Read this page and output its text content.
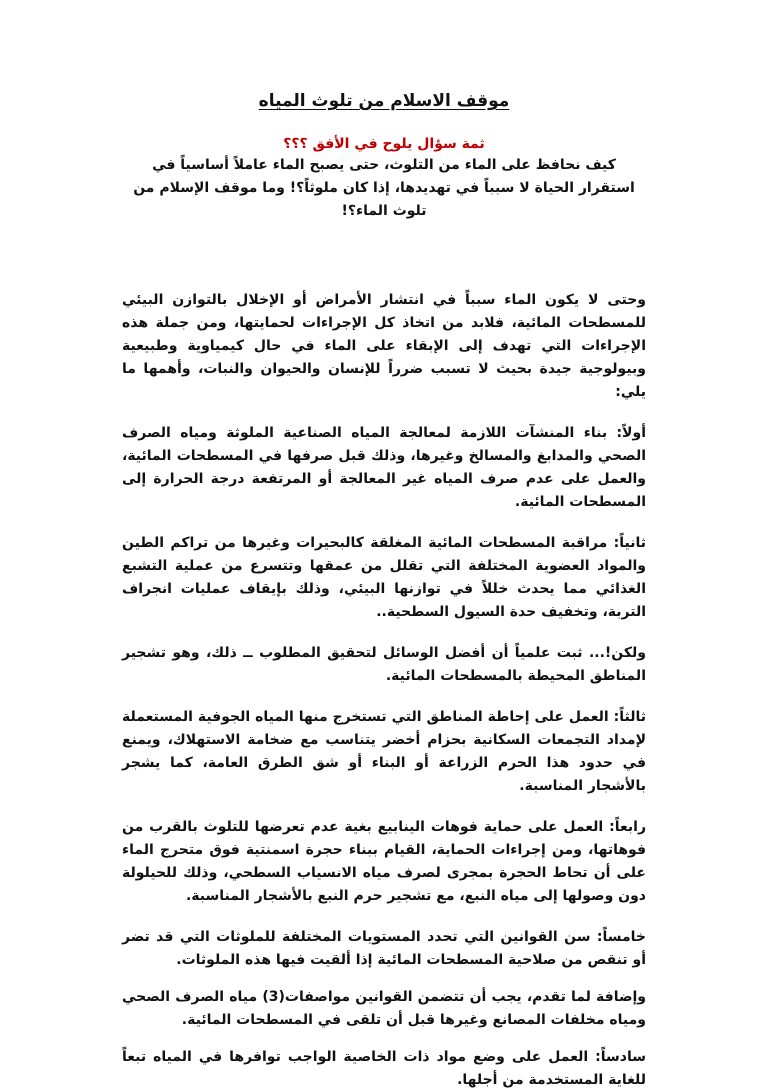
موقف الاسلام من تلوث المياه

ثمة سؤال يلوح في الأفق ؟؟؟

كيف نحافظ على الماء من التلوث، حتى يصبح الماء عاملاً أساسياً في استقرار الحياة لا سبباً في تهديدها، إذا كان ملوثاً؟! وما موقف الإسلام من تلوث الماء؟!

وحتى لا يكون الماء سبباً في انتشار الأمراض أو الإخلال بالتوازن البيئي للمسطحات المائية، فلابد من اتخاذ كل الإجراءات لحمايتها، ومن جملة هذه الإجراءات التي تهدف إلى الإبقاء على الماء في حال كيمياوية وطبيعية وبيولوجية جيدة بحيث لا تسبب ضرراً للإنسان والحيوان والنبات، وأهمها ما يلي:

أولاً: بناء المنشآت اللازمة لمعالجة المياه الصناعية الملوثة ومياه الصرف الصحي والمدابغ والمسالخ وغيرها، وذلك قبل صرفها في المسطحات المائية، والعمل على عدم صرف المياه غير المعالجة أو المرتفعة درجة الحرارة إلى المسطحات المائية.

ثانياً: مراقبة المسطحات المائية المغلقة كالبحيرات وغيرها من تراكم الطين والمواد العضوية المختلفة التي تقلل من عمقها وتتسرع من عملية التشبع الغذائي مما يحدث خللاً في توازنها البيئي، وذلك بإيقاف عمليات انجراف التربة، وتخفيف حدة السيول السطحية..

ولكن!... ثبت علمياً أن أفضل الوسائل لتحقيق المطلوب ــ ذلك، وهو تشجير المناطق المحيطة بالمسطحات المائية.

ثالثاً: العمل على إحاطة المناطق التي تستخرج منها المياه الجوفية المستعملة لإمداد التجمعات السكانية بحزام أخضر يتناسب مع ضخامة الاستهلاك، ويمنع في حدود هذا الحرم الزراعة أو البناء أو شق الطرق العامة، كما يشجر بالأشجار المناسبة.

رابعاً: العمل على حماية فوهات الينابيع بغية عدم تعرضها للتلوث بالقرب من فوهاتها، ومن إجراءات الحماية، القيام ببناء حجرة اسمنتية فوق متحرج الماء على أن تحاط الحجرة بمجرى لصرف مياه الانسياب السطحي، وذلك للحيلولة دون وصولها إلى مياه النبع، مع تشجير حرم النبع بالأشجار المناسبة.

خامساً: سن القوانين التي تحدد المستويات المختلفة للملوثات التي قد تضر أو تنقص من صلاحية المسطحات المائية إذا ألقيت فيها هذه الملوثات.

وإضافة لما تقدم، يجب أن تتضمن القوانين مواصفات(3) مياه الصرف الصحي ومياه مخلفات المصانع وغيرها قبل أن تلقى في المسطحات المائية.

سادساً: العمل على وضع مواد ذات الخاصية الواجب توافرها في المياه تبعاً للغاية المستخدمة من أجلها.
